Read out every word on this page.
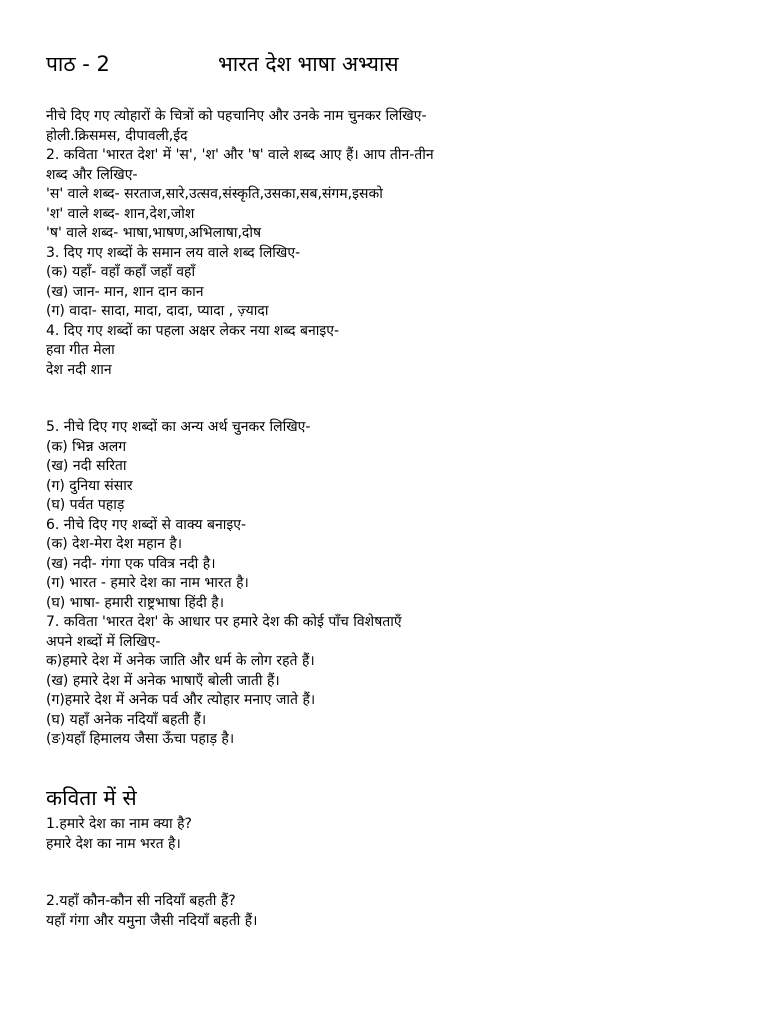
पाठ - 2	भारत देश भाषा अभ्यास
नीचे दिए गए त्योहारों के चित्रों को पहचानिए और उनके नाम चुनकर लिखिए-
होली.क्रिसमस, दीपावली,ईद
2. कविता 'भारत देश' में 'स', 'श' और 'ष' वाले शब्द आए हैं। आप तीन-तीन
शब्द और लिखिए-
'स' वाले शब्द- सरताज,सारे,उत्सव,संस्कृति,उसका,सब,संगम,इसको
'श' वाले शब्द- शान,देश,जोश
'ष' वाले शब्द- भाषा,भाषण,अभिलाषा,दोष
3. दिए गए शब्दों के समान लय वाले शब्द लिखिए-
(क) यहाँ- वहाँ कहाँ जहाँ वहाँ
(ख) जान- मान, शान दान कान
(ग) वादा- सादा, मादा, दादा, प्यादा , ज़्यादा
4. दिए गए शब्दों का पहला अक्षर लेकर नया शब्द बनाइए-
हवा गीत मेला
देश नदी शान
5. नीचे दिए गए शब्दों का अन्य अर्थ चुनकर लिखिए-
(क) भिन्न अलग
(ख) नदी सरिता
(ग) दुनिया संसार
(घ) पर्वत पहाड़
6. नीचे दिए गए शब्दों से वाक्य बनाइए-
(क) देश-मेरा देश महान है।
(ख) नदी- गंगा एक पवित्र नदी है।
(ग) भारत - हमारे देश का नाम भारत है।
(घ) भाषा- हमारी राष्ट्रभाषा हिंदी है।
7. कविता 'भारत देश' के आधार पर हमारे देश की कोई पाँच विशेषताएँ
अपने शब्दों में लिखिए-
क)हमारे देश में अनेक जाति और धर्म के लोग रहते हैं।
(ख) हमारे देश में अनेक भाषाएँ बोली जाती हैं।
(ग)हमारे देश में अनेक पर्व और त्योहार मनाए जाते हैं।
(घ) यहाँ अनेक नदियाँ बहती हैं।
(ङ)यहाँ हिमालय जैसा ऊँचा पहाड़ है।
कविता में से
1.हमारे देश का नाम क्या है?
हमारे देश का नाम भरत है।
2.यहाँ कौन-कौन सी नदियाँ बहती हैं?
यहाँ गंगा और यमुना जैसी नदियाँ बहती हैं।
